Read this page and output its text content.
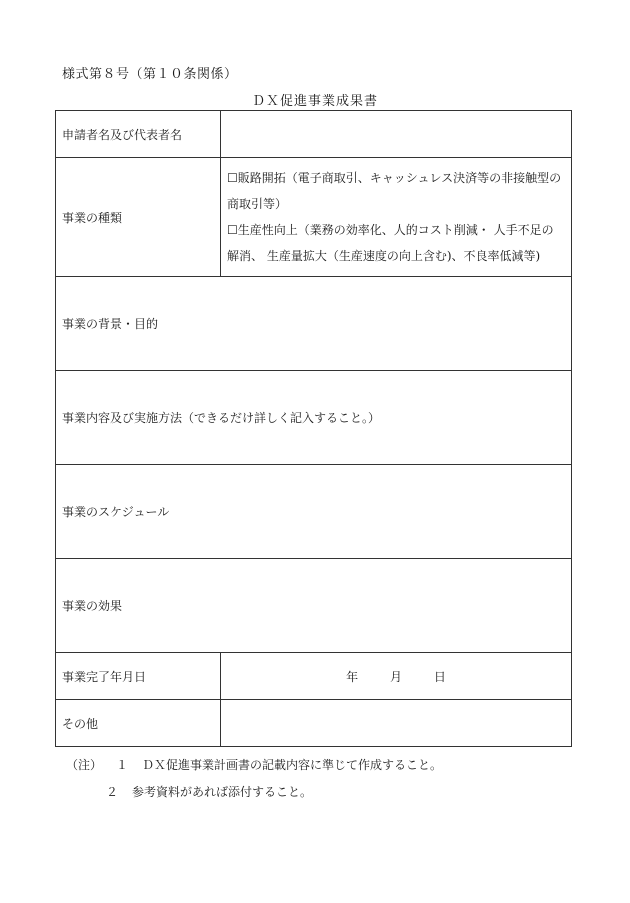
様式第８号（第１０条関係）
ＤＸ促進事業成果書
申請者名及び代表者名	
事業の種類	☐販路開拓（電子商取引、キャッシュレス決済等の非接触型の商取引等）
☐生産性向上（業務の効率化、人的コスト削減・ 人手不足の解消、 生産量拡大（生産速度の向上含む)、不良率低減等)

事業の背景・目的	
事業内容及び実施方法（できるだけ詳しく記入すること。）	
事業のスケジュール	
事業の効果	
事業完了年月日	年 月 日
その他	
（注） １ ＤＸ促進事業計画書の記載内容に準じて作成すること。
２ 参考資料があれば添付すること。
